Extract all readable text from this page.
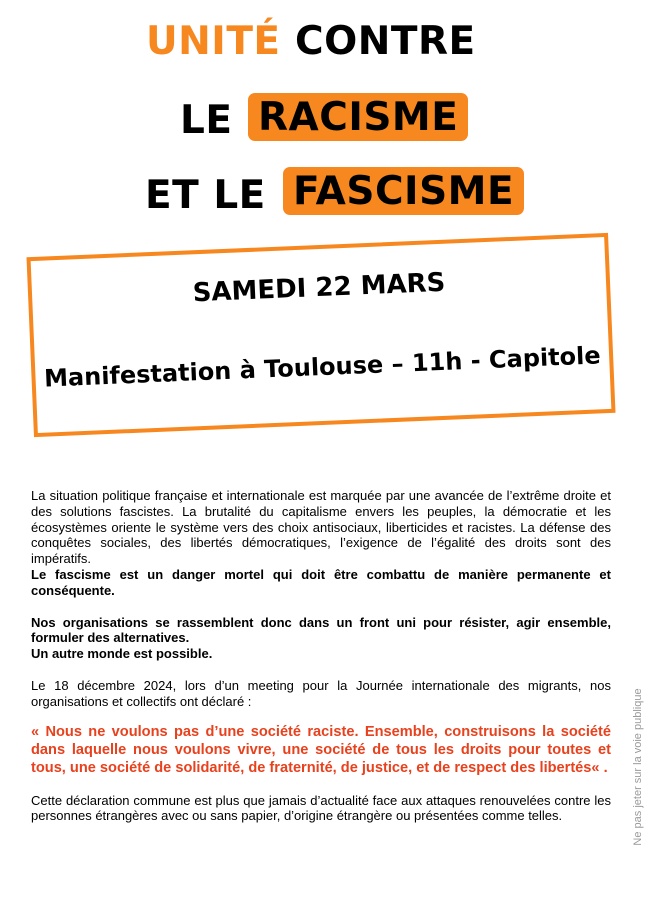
UNITÉ CONTRE
LE RACISME
ET LE FASCISME
SAMEDI 22 MARS
Manifestation à Toulouse – 11h - Capitole

La situation politique française et internationale est marquée par une avancée de l’extrême droite et des solutions fascistes. La brutalité du capitalisme envers les peuples, la démocratie et les écosystèmes oriente le système vers des choix antisociaux, liberticides et racistes. La défense des conquêtes sociales, des libertés démocratiques, l’exigence de l’égalité des droits sont des impératifs.

Le fascisme est un danger mortel qui doit être combattu de manière permanente et conséquente.

Nos organisations se rassemblent donc dans un front uni pour résister, agir ensemble, formuler des alternatives.

Un autre monde est possible.

Le 18 décembre 2024, lors d’un meeting pour la Journée internationale des migrants, nos organisations et collectifs ont déclaré :

« Nous ne voulons pas d’une société raciste. Ensemble, construisons la société dans laquelle nous voulons vivre, une société de tous les droits pour toutes et tous, une société de solidarité, de fraternité, de justice, et de respect des libertés« .

Cette déclaration commune est plus que jamais d’actualité face aux attaques renouvelées contre les personnes étrangères avec ou sans papier, d’origine étrangère ou présentées comme telles.	Ne pas jeter sur la voie publique
